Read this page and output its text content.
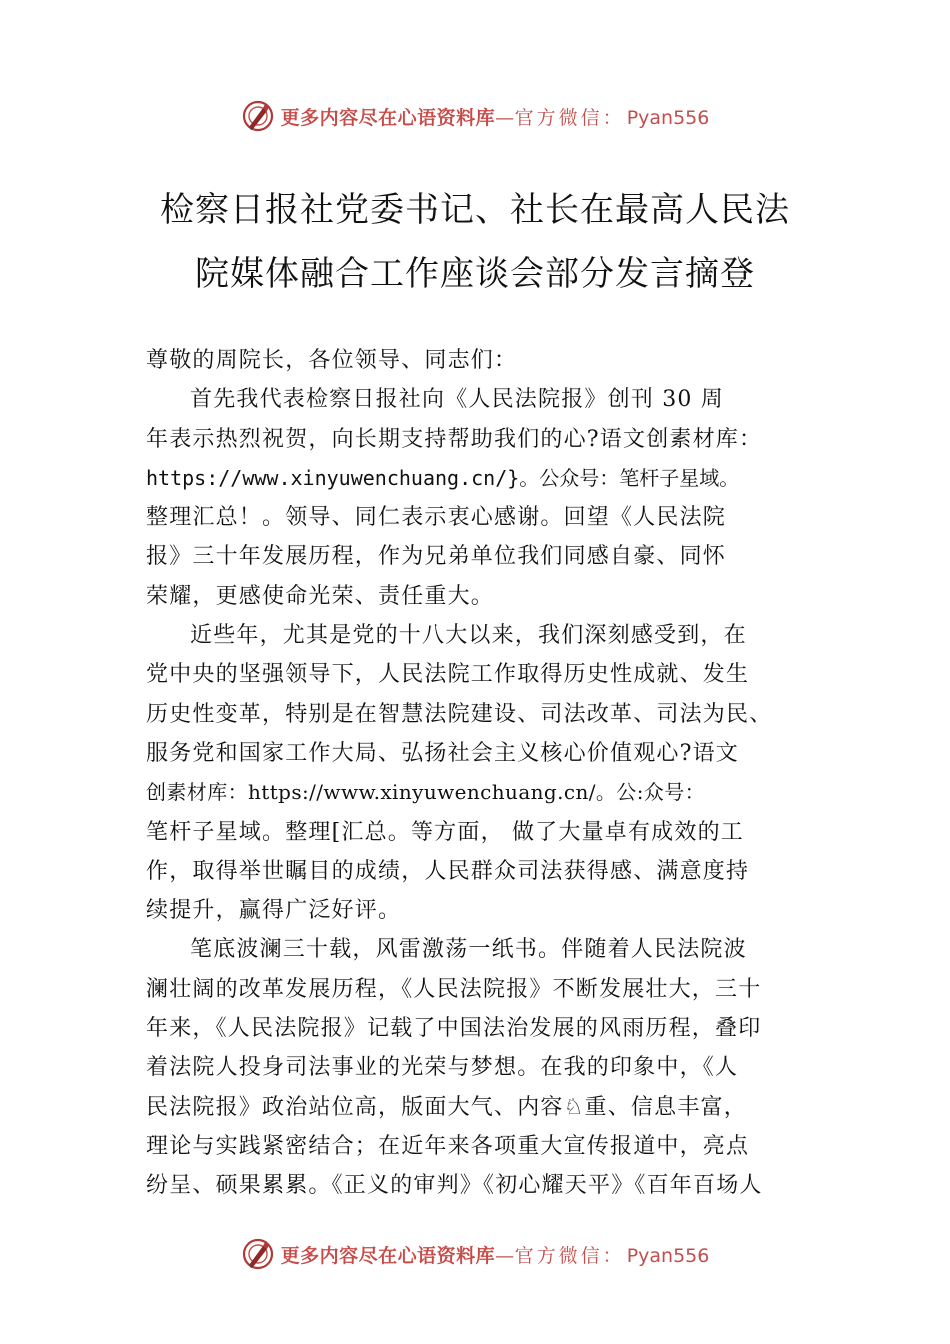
更多内容尽在心语资料库—官方微信： Pyan556
检察日报社党委书记、社长在最高人民法
院媒体融合工作座谈会部分发言摘登
尊敬的周院长，各位领导、同志们：
首先我代表检察日报社向《人民法院报》创刊 30 周
年表示热烈祝贺，向长期支持帮助我们的心?语文创素材库：
https://www.xinyuwenchuang.cn/}。公众号：笔杆子星域。
整理汇总！。领导、同仁表示衷心感谢。回望《人民法院
报》三十年发展历程，作为兄弟单位我们同感自豪、同怀
荣耀，更感使命光荣、责任重大。
近些年，尤其是党的十八大以来，我们深刻感受到，在
党中央的坚强领导下，人民法院工作取得历史性成就、发生
历史性变革，特别是在智慧法院建设、司法改革、司法为民、
服务党和国家工作大局、弘扬社会主义核心价值观心?语文
创素材库：https://www.xinyuwenchuang.cn/。公:众号：
笔杆子星域。整理[汇总。等方面， 做了大量卓有成效的工
作，取得举世瞩目的成绩，人民群众司法获得感、满意度持
续提升，赢得广泛好评。
笔底波澜三十载，风雷激荡一纸书。伴随着人民法院波
澜壮阔的改革发展历程，《人民法院报》不断发展壮大，三十
年来，《人民法院报》记载了中国法治发展的风雨历程，叠印
着法院人投身司法事业的光荣与梦想。在我的印象中，《人
民法院报》政治站位高，版面大气、内容♘重、信息丰富，
理论与实践紧密结合；在近年来各项重大宣传报道中，亮点
纷呈、硕果累累。《正义的审判》《初心耀天平》《百年百场人
更多内容尽在心语资料库—官方微信： Pyan556
